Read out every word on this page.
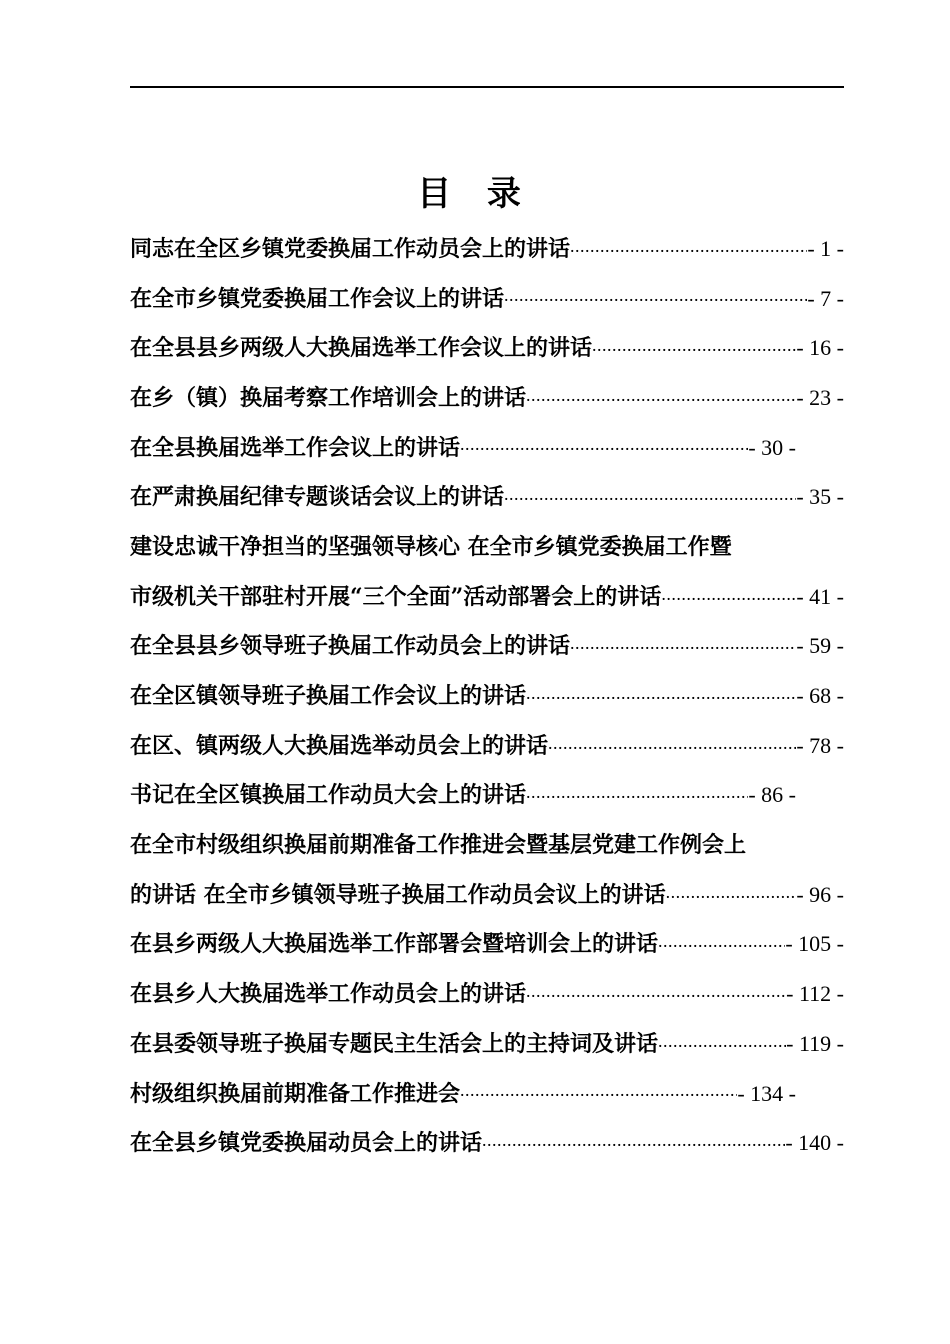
目 录
同志在全区乡镇党委换届工作动员会上的讲话 .....	- 1 -
在全市乡镇党委换届工作会议上的讲话 .....	- 7 -
在全县县乡两级人大换届选举工作会议上的讲话 .....	- 16 -
在乡（镇）换届考察工作培训会上的讲话 .....	- 23 -
在全县换届选举工作会议上的讲话 .....	- 30 -
在严肃换届纪律专题谈话会议上的讲话 .....	- 35 -
建设忠诚干净担当的坚强领导核心 在全市乡镇党委换届工作暨
市级机关干部驻村开展“三个全面”活动部署会上的讲话 .....	- 41 -
在全县县乡领导班子换届工作动员会上的讲话 .....	- 59 -
在全区镇领导班子换届工作会议上的讲话 .....	- 68 -
在区、镇两级人大换届选举动员会上的讲话 .....	- 78 -
书记在全区镇换届工作动员大会上的讲话 .....	- 86 -
在全市村级组织换届前期准备工作推进会暨基层党建工作例会上
的讲话 在全市乡镇领导班子换届工作动员会议上的讲话 .....	- 96 -
在县乡两级人大换届选举工作部署会暨培训会上的讲话 .....	- 105 -
在县乡人大换届选举工作动员会上的讲话 .....	- 112 -
在县委领导班子换届专题民主生活会上的主持词及讲话 .....	- 119 -
村级组织换届前期准备工作推进会 .....	- 134 -
在全县乡镇党委换届动员会上的讲话 .....	- 140 -
